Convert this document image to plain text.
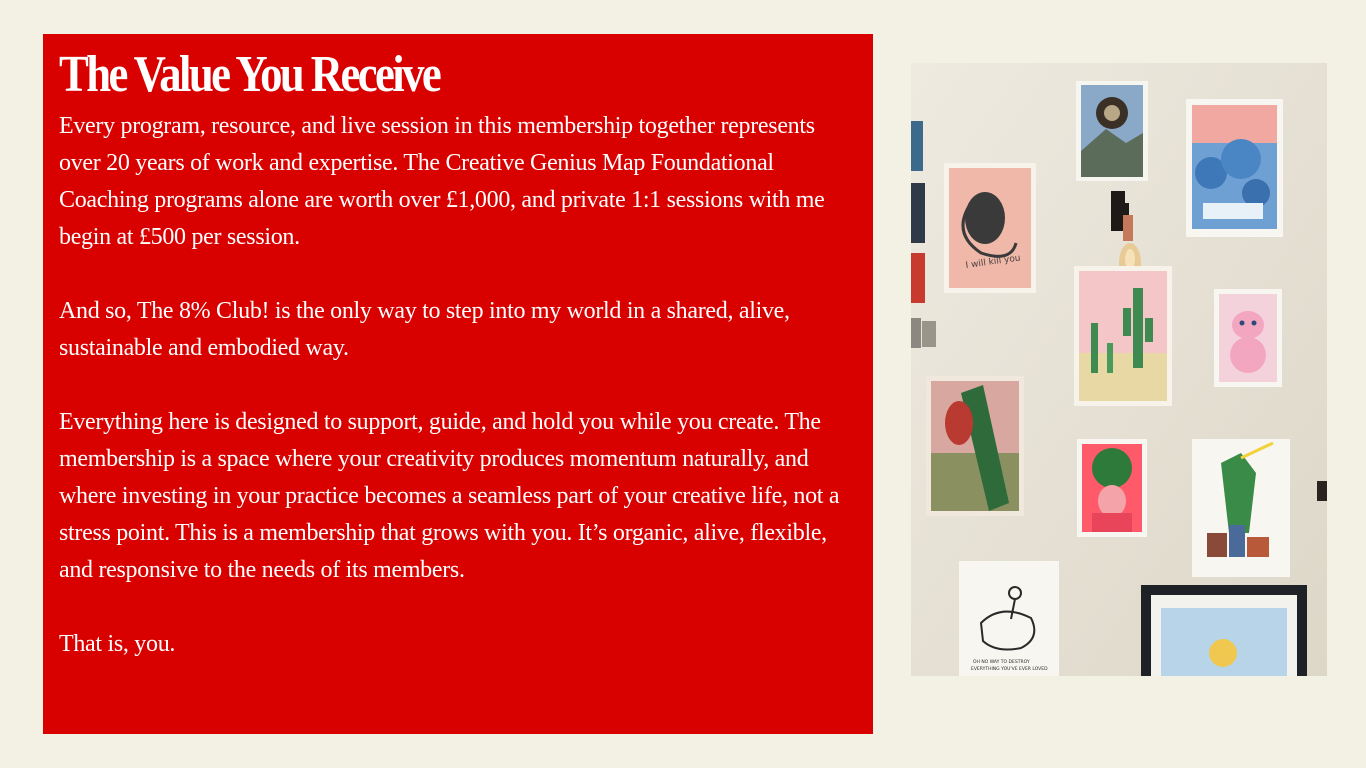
The Value You Receive

Every program, resource, and live session in this membership together represents over 20 years of work and expertise. The Creative Genius Map Foundational Coaching programs alone are worth over £1,000, and private 1:1 sessions with me begin at £500 per session.

And so, The 8% Club! is the only way to step into my world in a shared, alive, sustainable and embodied way.

Everything here is designed to support, guide, and hold you while you create. The membership is a space where your creativity produces momentum naturally, and where investing in your practice becomes a seamless part of your creative life, not a stress point. This is a membership that grows with you. It’s organic, alive, flexible, and responsive to the needs of its members.

That is, you.

I will kill you
OH NO WAY TO DESTROY
EVERYTHING YOU'VE EVER LOVED
